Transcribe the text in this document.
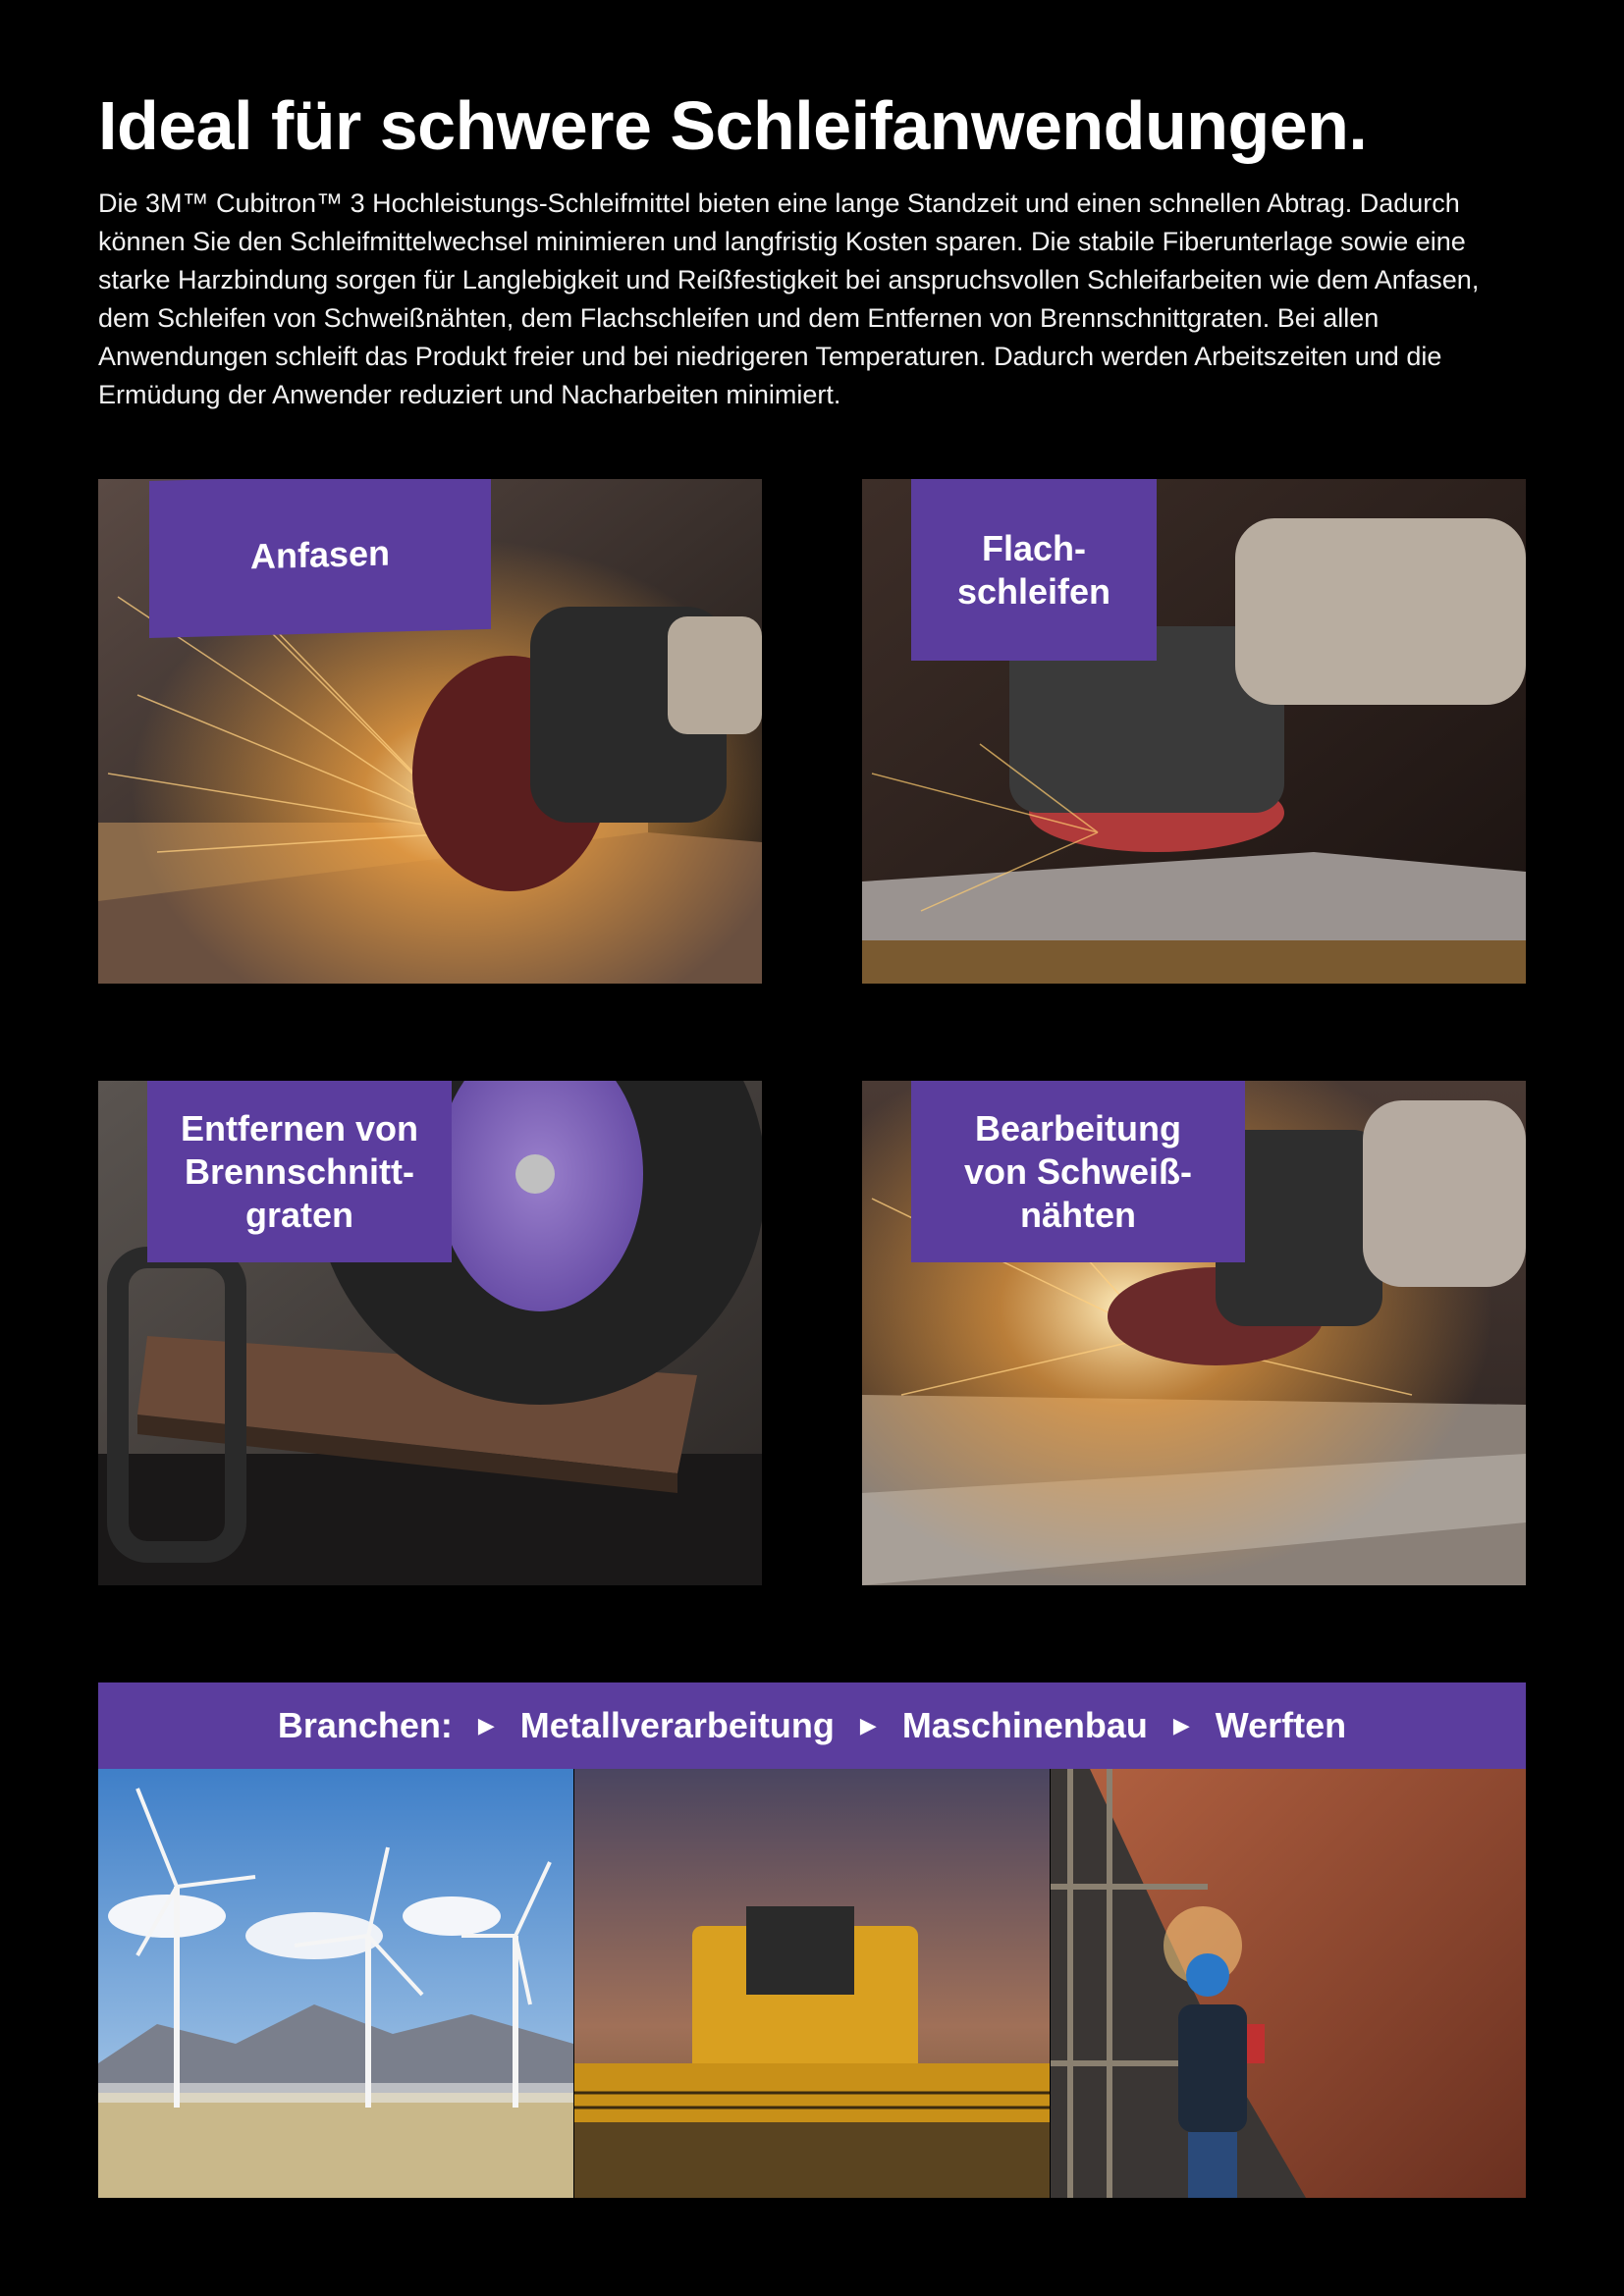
Ideal für schwere Schleifanwendungen.

Die 3M™ Cubitron™ 3 Hochleistungs-Schleifmittel bieten eine lange Standzeit und einen schnellen Abtrag. Dadurch können Sie den Schleifmittelwechsel minimieren und langfristig Kosten sparen. Die stabile Fiberunterlage sowie eine starke Harzbindung sorgen für Langlebigkeit und Reißfestigkeit bei anspruchsvollen Schleifarbeiten wie dem Anfasen, dem Schleifen von Schweißnähten, dem Flachschleifen und dem Entfernen von Brennschnittgraten. Bei allen Anwendungen schleift das Produkt freier und bei niedrigeren Temperaturen. Dadurch werden Arbeitszeiten und die Ermüdung der Anwender reduziert und Nacharbeiten minimiert.

Anfasen	Flach-
schleifen
Entfernen von
Brennschnitt-
graten
Bearbeitung
von Schweiß-
nähten
Branchen: ▶ Metallverarbeitung ▶ Maschinenbau ▶ Werften
